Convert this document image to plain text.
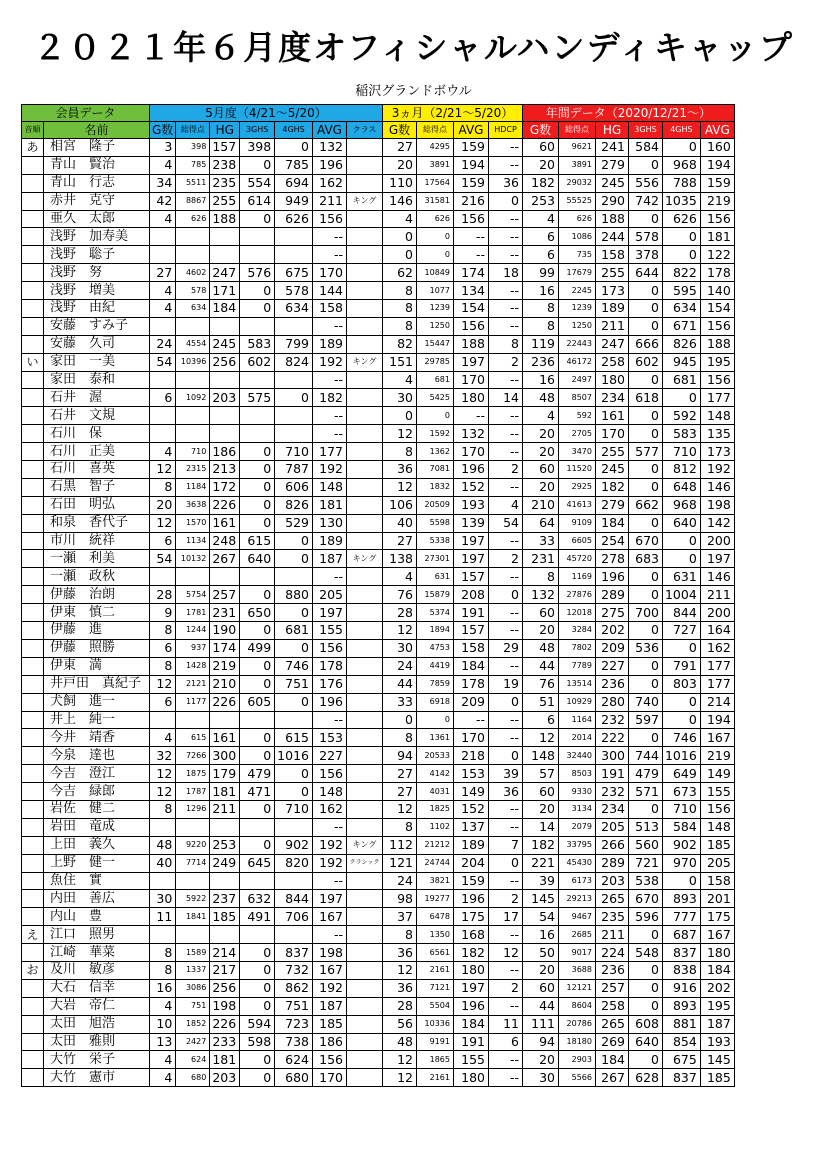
２０２１年６月度オフィシャルハンディキャップ
稲沢グランドボウル
会員データ		5月度（4/21～5/20）							3ヵ月（2/21～5/20）				年間データ（2020/12/21～）					
音順	名前	G数	総得点	HG	3GHS	4GHS	AVG	クラス	G数	総得点	AVG	HDCP	G数	総得点	HG	3GHS	4GHS	AVG
あ	相宮　隆子	3	398	157	398	0	132		27	4295	159	--	60	9621	241	584	0	160
	青山　賢治	4	785	238	0	785	196		20	3891	194	--	20	3891	279	0	968	194
	青山　行志	34	5511	235	554	694	162		110	17564	159	36	182	29032	245	556	788	159
	赤井　克守	42	8867	255	614	949	211	キング	146	31581	216	0	253	55525	290	742	1035	219
	亜久　太郎	4	626	188	0	626	156		4	626	156	--	4	626	188	0	626	156
	浅野　加寿美						--		0	0	--	--	6	1086	244	578	0	181
	浅野　聡子						--		0	0	--	--	6	735	158	378	0	122
	浅野　努	27	4602	247	576	675	170		62	10849	174	18	99	17679	255	644	822	178
	浅野　増美	4	578	171	0	578	144		8	1077	134	--	16	2245	173	0	595	140
	浅野　由紀	4	634	184	0	634	158		8	1239	154	--	8	1239	189	0	634	154
	安藤　すみ子						--		8	1250	156	--	8	1250	211	0	671	156
	安藤　久司	24	4554	245	583	799	189		82	15447	188	8	119	22443	247	666	826	188
い	家田　一美	54	10396	256	602	824	192	キング	151	29785	197	2	236	46172	258	602	945	195
	家田　泰和						--		4	681	170	--	16	2497	180	0	681	156
	石井　渥	6	1092	203	575	0	182		30	5425	180	14	48	8507	234	618	0	177
	石井　文規						--		0	0	--	--	4	592	161	0	592	148
	石川　保						--		12	1592	132	--	20	2705	170	0	583	135
	石川　正美	4	710	186	0	710	177		8	1362	170	--	20	3470	255	577	710	173
	石川　喜英	12	2315	213	0	787	192		36	7081	196	2	60	11520	245	0	812	192
	石黒　智子	8	1184	172	0	606	148		12	1832	152	--	20	2925	182	0	648	146
	石田　明弘	20	3638	226	0	826	181		106	20509	193	4	210	41613	279	662	968	198
	和泉　香代子	12	1570	161	0	529	130		40	5598	139	54	64	9109	184	0	640	142
	市川　統祥	6	1134	248	615	0	189		27	5338	197	--	33	6605	254	670	0	200
	一瀬　利美	54	10132	267	640	0	187	キング	138	27301	197	2	231	45720	278	683	0	197
	一瀬　政秋						--		4	631	157	--	8	1169	196	0	631	146
	伊藤　治朗	28	5754	257	0	880	205		76	15879	208	0	132	27876	289	0	1004	211
	伊東　慎二	9	1781	231	650	0	197		28	5374	191	--	60	12018	275	700	844	200
	伊藤　進	8	1244	190	0	681	155		12	1894	157	--	20	3284	202	0	727	164
	伊藤　照勝	6	937	174	499	0	156		30	4753	158	29	48	7802	209	536	0	162
	伊東　満	8	1428	219	0	746	178		24	4419	184	--	44	7789	227	0	791	177
	井戸田　真紀子	12	2121	210	0	751	176		44	7859	178	19	76	13514	236	0	803	177
	犬飼　進一	6	1177	226	605	0	196		33	6918	209	0	51	10929	280	740	0	214
	井上　純一						--		0	0	--	--	6	1164	232	597	0	194
	今井　靖香	4	615	161	0	615	153		8	1361	170	--	12	2014	222	0	746	167
	今泉　達也	32	7266	300	0	1016	227		94	20533	218	0	148	32440	300	744	1016	219
	今吉　澄江	12	1875	179	479	0	156		27	4142	153	39	57	8503	191	479	649	149
	今吉　緑郎	12	1787	181	471	0	148		27	4031	149	36	60	9330	232	571	673	155
	岩佐　健二	8	1296	211	0	710	162		12	1825	152	--	20	3134	234	0	710	156
	岩田　竜成						--		8	1102	137	--	14	2079	205	513	584	148
	上田　義久	48	9220	253	0	902	192	キング	112	21212	189	7	182	33795	266	560	902	185
	上野　健一	40	7714	249	645	820	192	クラシック	121	24744	204	0	221	45430	289	721	970	205
	魚住　實						--		24	3821	159	--	39	6173	203	538	0	158
	内田　善広	30	5922	237	632	844	197		98	19277	196	2	145	29213	265	670	893	201
	内山　豊	11	1841	185	491	706	167		37	6478	175	17	54	9467	235	596	777	175
え	江口　照男						--		8	1350	168	--	16	2685	211	0	687	167
	江崎　華菜	8	1589	214	0	837	198		36	6561	182	12	50	9017	224	548	837	180
お	及川　敏彦	8	1337	217	0	732	167		12	2161	180	--	20	3688	236	0	838	184
	大石　信幸	16	3086	256	0	862	192		36	7121	197	2	60	12121	257	0	916	202
	大岩　帝仁	4	751	198	0	751	187		28	5504	196	--	44	8604	258	0	893	195
	太田　旭浩	10	1852	226	594	723	185		56	10336	184	11	111	20786	265	608	881	187
	太田　雅則	13	2427	233	598	738	186		48	9191	191	6	94	18180	269	640	854	193
	大竹　栄子	4	624	181	0	624	156		12	1865	155	--	20	2903	184	0	675	145
	大竹　憲市	4	680	203	0	680	170		12	2161	180	--	30	5566	267	628	837	185
